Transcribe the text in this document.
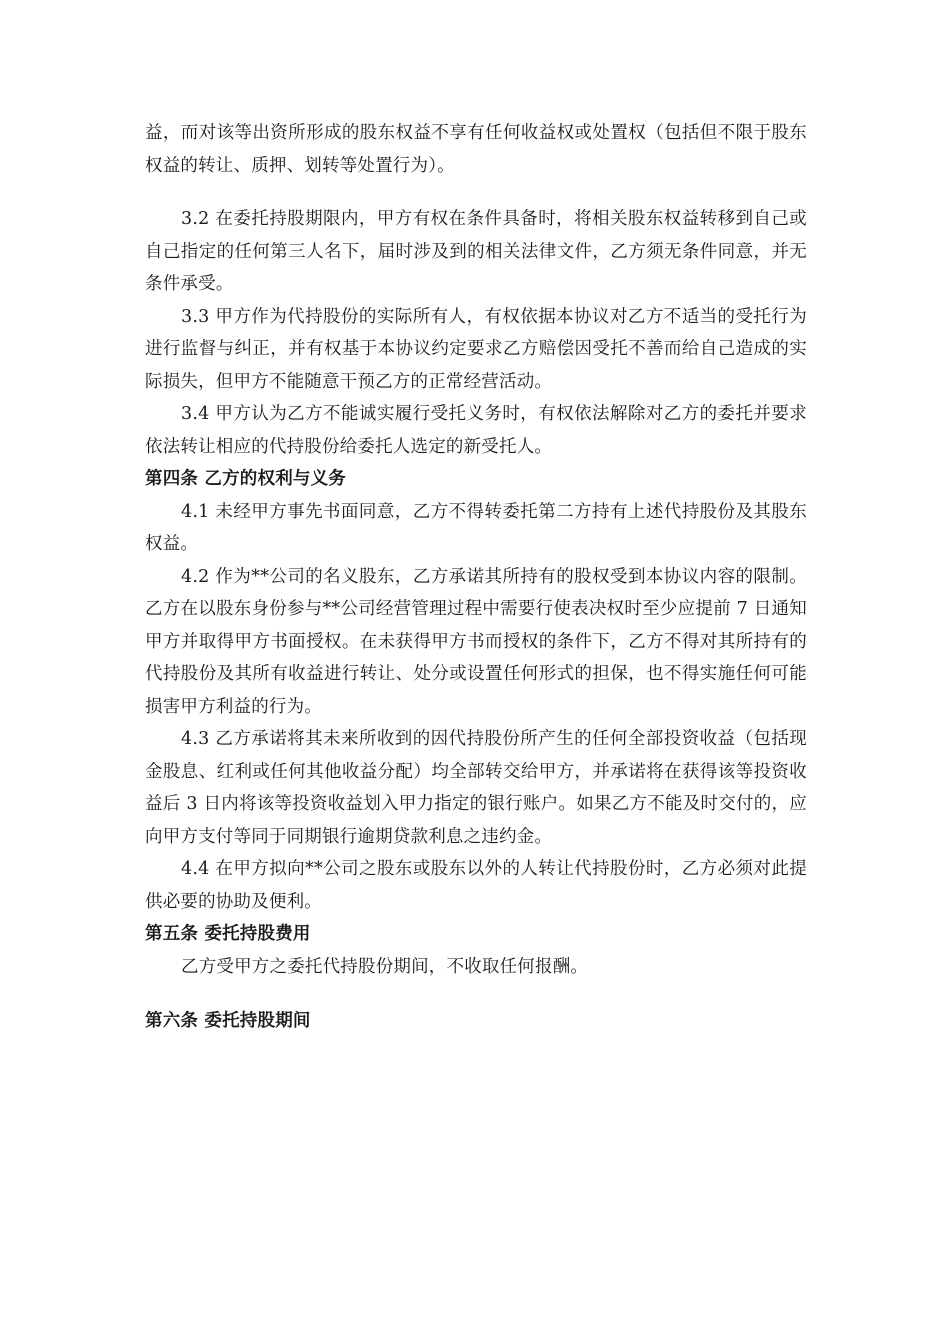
益，而对该等出资所形成的股东权益不享有任何收益权或处置权（包括但不限于股东权益的转让、质押、划转等处置行为）。

3.2 在委托持股期限内，甲方有权在条件具备时，将相关股东权益转移到自己或自己指定的任何第三人名下，届时涉及到的相关法律文件，乙方须无条件同意，并无条件承受。

3.3 甲方作为代持股份的实际所有人，有权依据本协议对乙方不适当的受托行为进行监督与纠正，并有权基于本协议约定要求乙方赔偿因受托不善而给自己造成的实际损失，但甲方不能随意干预乙方的正常经营活动。

3.4 甲方认为乙方不能诚实履行受托义务时，有权依法解除对乙方的委托并要求依法转让相应的代持股份给委托人选定的新受托人。

第四条 乙方的权利与义务

4.1 未经甲方事先书面同意，乙方不得转委托第二方持有上述代持股份及其股东权益。

4.2 作为**公司的名义股东，乙方承诺其所持有的股权受到本协议内容的限制。乙方在以股东身份参与**公司经营管理过程中需要行使表决权时至少应提前 7 日通知甲方并取得甲方书面授权。在未获得甲方书而授权的条件下，乙方不得对其所持有的代持股份及其所有收益进行转让、处分或设置任何形式的担保，也不得实施任何可能损害甲方利益的行为。

4.3 乙方承诺将其未来所收到的因代持股份所产生的任何全部投资收益（包括现金股息、红利或任何其他收益分配）均全部转交给甲方，并承诺将在获得该等投资收益后 3 日内将该等投资收益划入甲力指定的银行账户。如果乙方不能及时交付的，应向甲方支付等同于同期银行逾期贷款利息之违约金。

4.4 在甲方拟向**公司之股东或股东以外的人转让代持股份时，乙方必须对此提供必要的协助及便利。

第五条 委托持股费用

乙方受甲方之委托代持股份期间，不收取任何报酬。

第六条 委托持股期间
